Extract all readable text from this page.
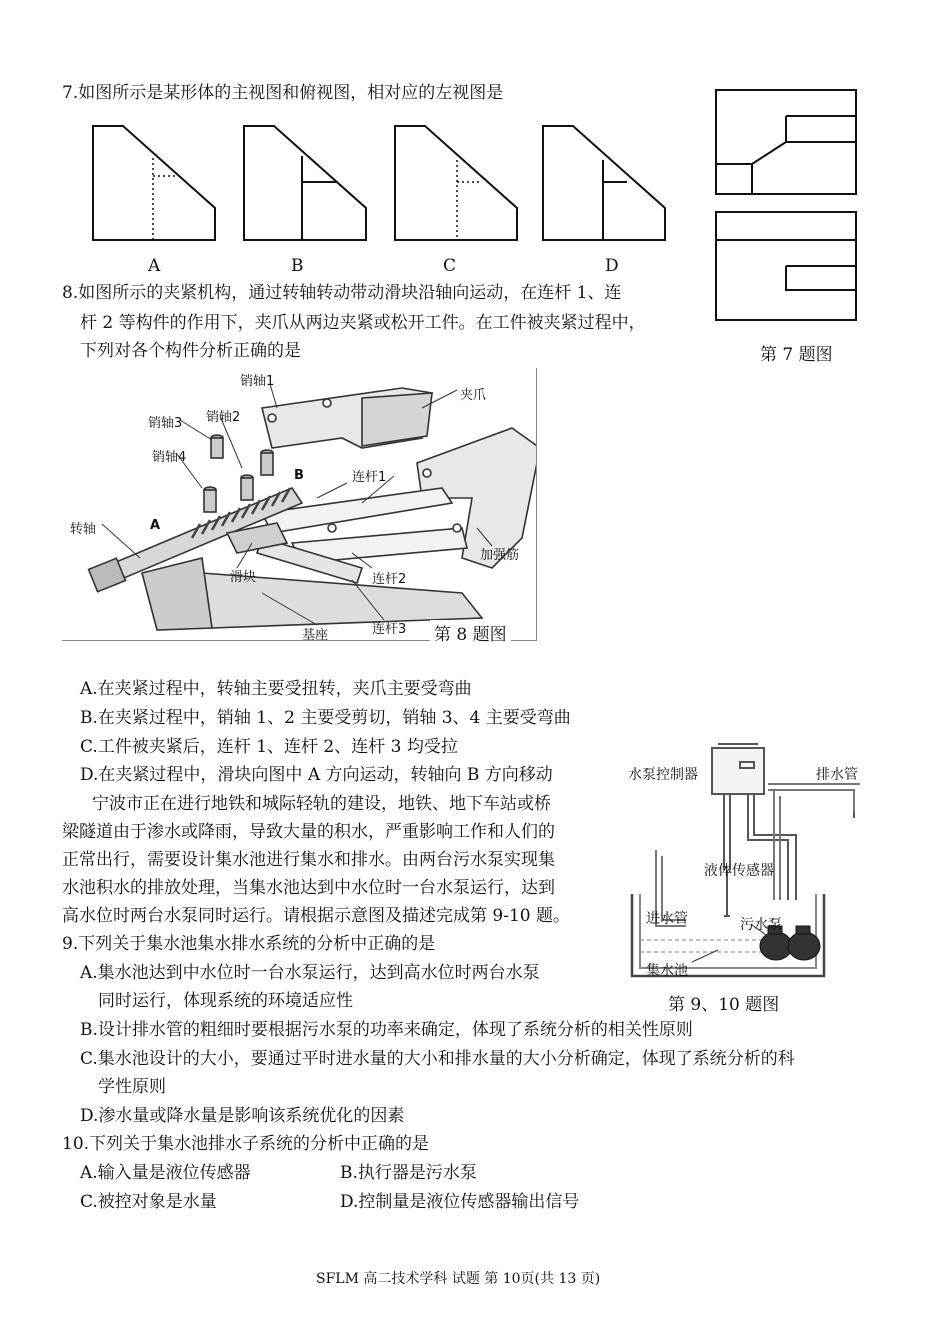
7.如图所示是某形体的主视图和俯视图，相对应的左视图是
A	B	C	D
第 7 题图
8.如图所示的夹紧机构，通过转轴转动带动滑块沿轴向运动，在连杆 1、连
杆 2 等构件的作用下，夹爪从两边夹紧或松开工件。在工件被夹紧过程中，
下列对各个构件分析正确的是
销轴1
夹爪
销轴3 销轴2
销轴4
B	连杆1
A
转轴
加强筋
滑块	连杆2
基座	连杆3 第 8 题图
A.在夹紧过程中，转轴主要受扭转，夹爪主要受弯曲
B.在夹紧过程中，销轴 1、2 主要受剪切，销轴 3、4 主要受弯曲
C.工件被夹紧后，连杆 1、连杆 2、连杆 3 均受拉
D.在夹紧过程中，滑块向图中 A 方向运动，转轴向 B 方向移动
宁波市正在进行地铁和城际轻轨的建设，地铁、地下车站或桥
梁隧道由于渗水或降雨，导致大量的积水，严重影响工作和人们的
正常出行，需要设计集水池进行集水和排水。由两台污水泵实现集
水池积水的排放处理，当集水池达到中水位时一台水泵运行，达到
高水位时两台水泵同时运行。请根据示意图及描述完成第 9-10 题。
水泵控制器	排水管
液体传感器
进水管	污水泵
集水池
第 9、10 题图
9.下列关于集水池集水排水系统的分析中正确的是
A.集水池达到中水位时一台水泵运行，达到高水位时两台水泵
同时运行，体现系统的环境适应性
B.设计排水管的粗细时要根据污水泵的功率来确定，体现了系统分析的相关性原则
C.集水池设计的大小，要通过平时进水量的大小和排水量的大小分析确定，体现了系统分析的科
学性原则
D.渗水量或降水量是影响该系统优化的因素
10.下列关于集水池排水子系统的分析中正确的是
A.输入量是液位传感器	B.执行器是污水泵
C.被控对象是水量	D.控制量是液位传感器输出信号
SFLM 高二技术学科 试题 第 10页(共 13 页)
